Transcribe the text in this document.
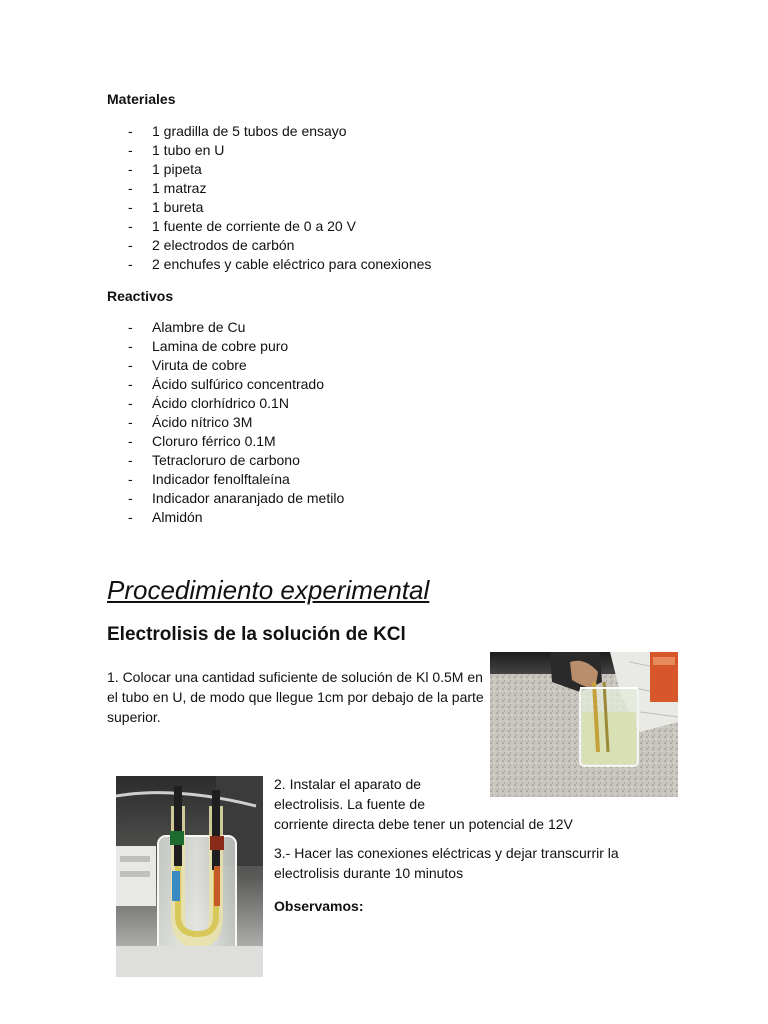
Materiales
- 1 gradilla de 5 tubos de ensayo
- 1 tubo en U
- 1 pipeta
- 1 matraz
- 1 bureta
- 1 fuente de corriente de 0 a 20 V
- 2 electrodos de carbón
- 2 enchufes y cable eléctrico para conexiones
Reactivos
- Alambre de Cu
- Lamina de cobre puro
- Viruta de cobre
- Ácido sulfúrico concentrado
- Ácido clorhídrico 0.1N
- Ácido nítrico 3M
- Cloruro férrico 0.1M
- Tetracloruro de carbono
- Indicador fenolftaleína
- Indicador anaranjado de metilo
- Almidón
Procedimiento experimental
Electrolisis de la solución de KCl
1. Colocar una cantidad suficiente de solución de Kl 0.5M en
el tubo en U, de modo que llegue 1cm por debajo de la parte
superior.
2. Instalar el aparato de
electrolisis. La fuente de
corriente directa debe tener un potencial de 12V
3.- Hacer las conexiones eléctricas y dejar transcurrir la
electrolisis durante 10 minutos
Observamos:
